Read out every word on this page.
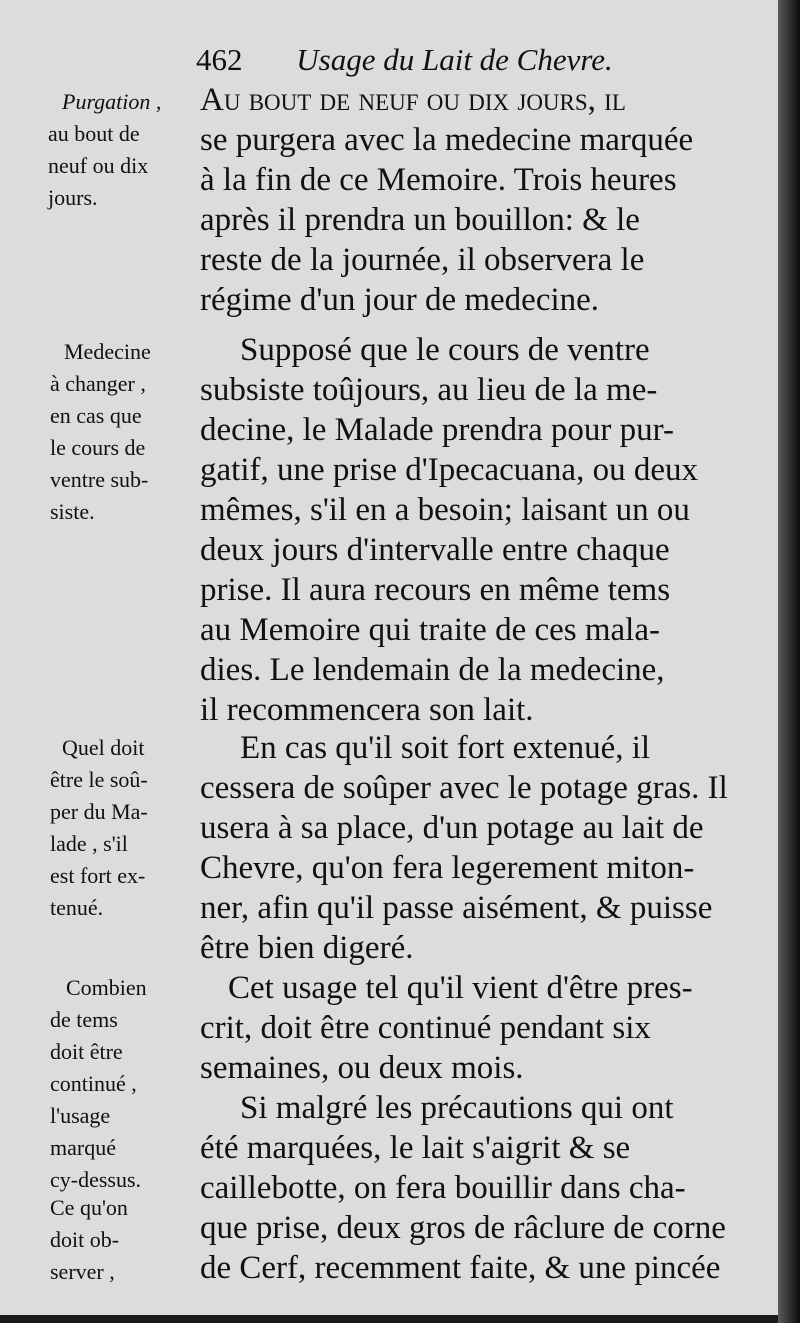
462 Usage du Lait de Chevre.
Au bout de neuf ou dix jours, il
se purgera avec la medecine marquée
à la fin de ce Memoire. Trois heures
après il prendra un bouillon: & le
reste de la journée, il observera le
régime d'un jour de medecine.
Supposé que le cours de ventre
subsiste toûjours, au lieu de la me-
decine, le Malade prendra pour pur-
gatif, une prise d'Ipecacuana, ou deux
mêmes, s'il en a besoin; laisant un ou
deux jours d'intervalle entre chaque
prise. Il aura recours en même tems
au Memoire qui traite de ces mala-
dies. Le lendemain de la medecine,
il recommencera son lait.
En cas qu'il soit fort extenué, il
cessera de soûper avec le potage gras. Il
usera à sa place, d'un potage au lait de
Chevre, qu'on fera legerement miton-
ner, afin qu'il passe aisément, & puisse
être bien digeré.
Cet usage tel qu'il vient d'être pres-
crit, doit être continué pendant six
semaines, ou deux mois.
Si malgré les précautions qui ont
été marquées, le lait s'aigrit & se
caillebotte, on fera bouillir dans cha-
que prise, deux gros de râclure de corne
de Cerf, recemment faite, & une pincée
Purgation ,
au bout de
neuf ou dix
jours.
Medecine
à changer ,
en cas que
le cours de
ventre sub-
siste.
Quel doit
être le soû-
per du Ma-
lade , s'il
est fort ex-
tenué.
Combien
de tems
doit être
continué ,
l'usage
marqué
cy-dessus.
Ce qu'on
doit ob-
server ,
